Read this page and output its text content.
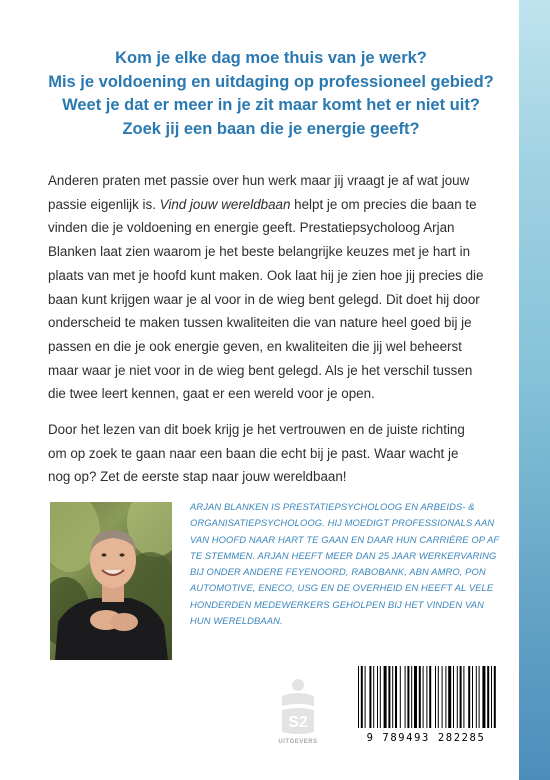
Kom je elke dag moe thuis van je werk?
Mis je voldoening en uitdaging op professioneel gebied?
Weet je dat er meer in je zit maar komt het er niet uit?
Zoek jij een baan die je energie geeft?

Anderen praten met passie over hun werk maar jij vraagt je af wat jouw passie eigenlijk is. Vind jouw wereldbaan helpt je om precies die baan te vinden die je voldoening en energie geeft. Prestatiepsycholoog Arjan Blanken laat zien waarom je het beste belangrijke keuzes met je hart in plaats van met je hoofd kunt maken. Ook laat hij je zien hoe jij precies die baan kunt krijgen waar je al voor in de wieg bent gelegd. Dit doet hij door onderscheid te maken tussen kwaliteiten die van nature heel goed bij je passen en die je ook energie geven, en kwaliteiten die jij wel beheerst maar waar je niet voor in de wieg bent gelegd. Als je het verschil tussen die twee leert kennen, gaat er een wereld voor je open.

Door het lezen van dit boek krijg je het vertrouwen en de juiste richting om op zoek te gaan naar een baan die echt bij je past. Waar wacht je nog op? Zet de eerste stap naar jouw wereldbaan!

ARJAN BLANKEN IS PRESTATIEPSYCHOLOOG EN ARBEIDS- & ORGANISATIEPSYCHOLOOG. HIJ MOEDIGT PROFESSIONALS AAN VAN HOOFD NAAR HART TE GAAN EN DAAR HUN CARRIÈRE OP AF TE STEMMEN. ARJAN HEEFT MEER DAN 25 JAAR WERKERVARING BIJ ONDER ANDERE FEYENOORD, RABOBANK, ABN AMRO, PON AUTOMOTIVE, ENECO, USG EN DE OVERHEID EN HEEFT AL VELE HONDERDEN MEDEWERKERS GEHOLPEN BIJ HET VINDEN VAN HUN WERELDBAAN.
S2
UITGEVERS	9 789493 282285
